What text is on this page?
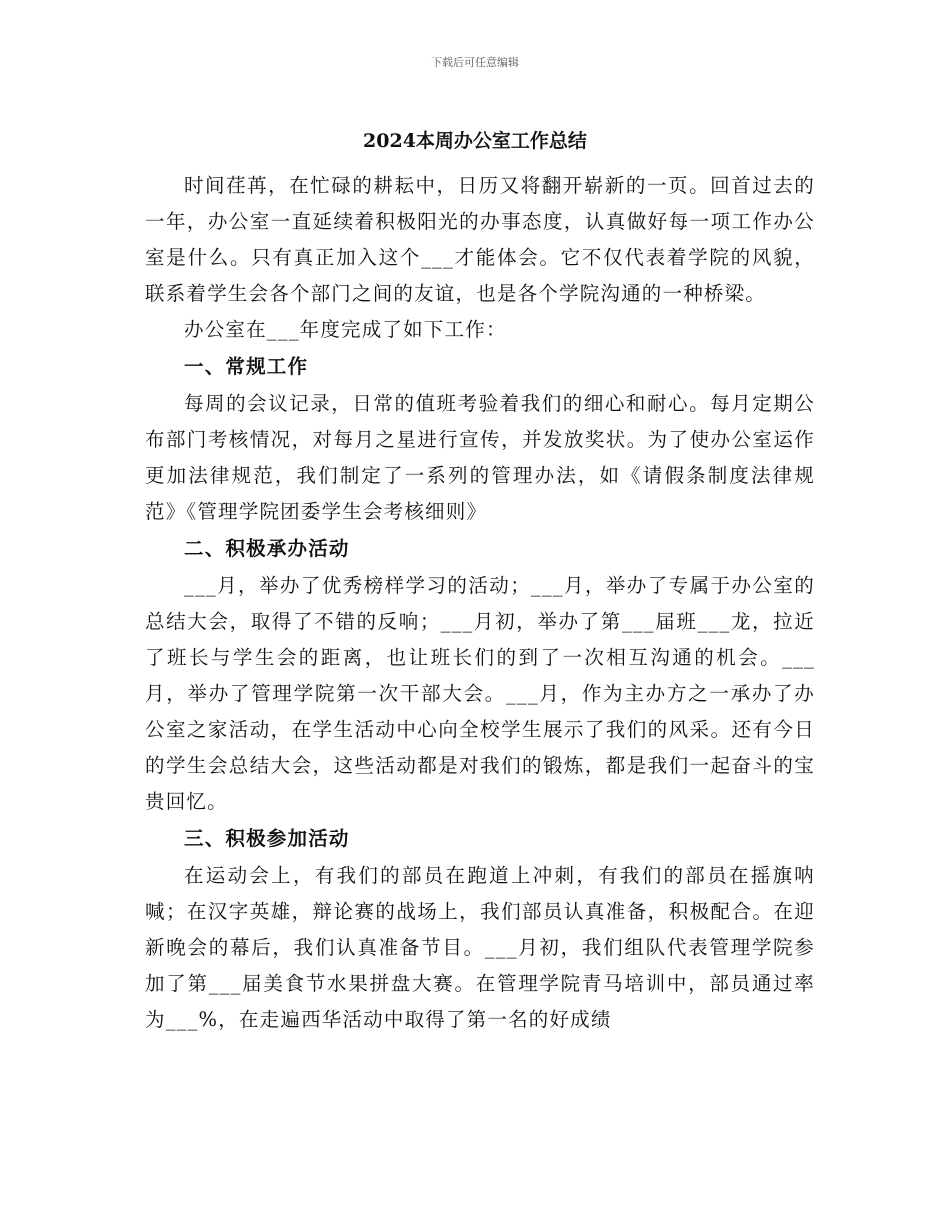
下载后可任意编辑
2024本周办公室工作总结

时间荏苒，在忙碌的耕耘中，日历又将翻开崭新的一页。回首过去的一年，办公室一直延续着积极阳光的办事态度，认真做好每一项工作办公室是什么。只有真正加入这个___才能体会。它不仅代表着学院的风貌，联系着学生会各个部门之间的友谊，也是各个学院沟通的一种桥梁。

办公室在___年度完成了如下工作：

一、常规工作

每周的会议记录，日常的值班考验着我们的细心和耐心。每月定期公布部门考核情况，对每月之星进行宣传，并发放奖状。为了使办公室运作更加法律规范，我们制定了一系列的管理办法，如《请假条制度法律规范》《管理学院团委学生会考核细则》

二、积极承办活动

___月，举办了优秀榜样学习的活动；___月，举办了专属于办公室的总结大会，取得了不错的反响；___月初，举办了第___届班___龙，拉近了班长与学生会的距离，也让班长们的到了一次相互沟通的机会。___月，举办了管理学院第一次干部大会。___月，作为主办方之一承办了办公室之家活动，在学生活动中心向全校学生展示了我们的风采。还有今日的学生会总结大会，这些活动都是对我们的锻炼，都是我们一起奋斗的宝贵回忆。

三、积极参加活动

在运动会上，有我们的部员在跑道上冲刺，有我们的部员在摇旗呐喊；在汉字英雄，辩论赛的战场上，我们部员认真准备，积极配合。在迎新晚会的幕后，我们认真准备节目。___月初，我们组队代表管理学院参加了第___届美食节水果拼盘大赛。在管理学院青马培训中，部员通过率为___%，在走遍西华活动中取得了第一名的好成绩
